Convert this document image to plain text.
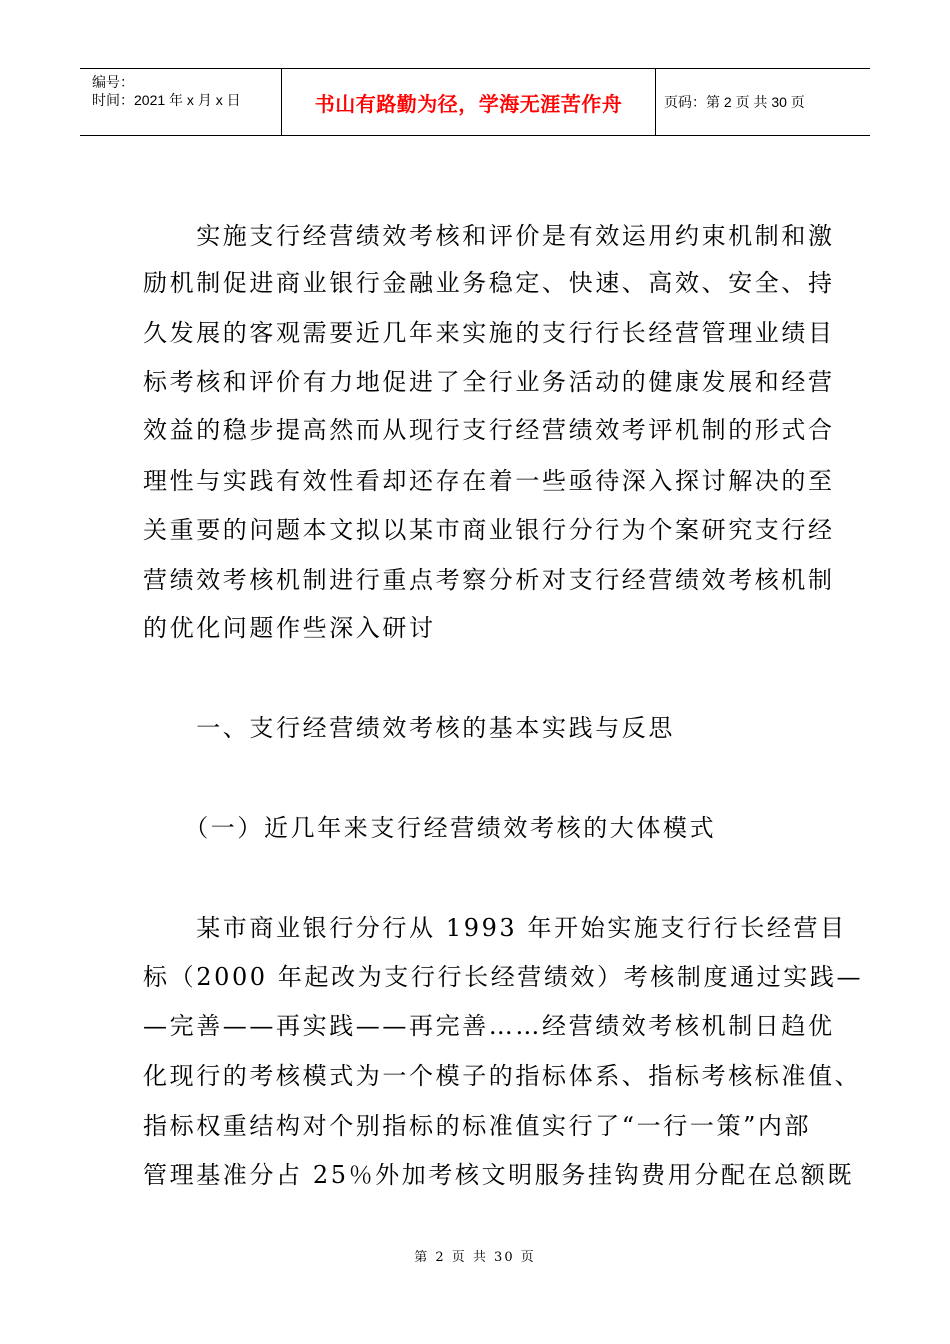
编号：
时间：2021 年 x 月 x 日	书山有路勤为径，学海无涯苦作舟	页码：第 2 页 共 30 页
　　实施支行经营绩效考核和评价是有效运用约束机制和激
励机制促进商业银行金融业务稳定、快速、高效、安全、持
久发展的客观需要近几年来实施的支行行长经营管理业绩目
标考核和评价有力地促进了全行业务活动的健康发展和经营
效益的稳步提高然而从现行支行经营绩效考评机制的形式合
理性与实践有效性看却还存在着一些亟待深入探讨解决的至
关重要的问题本文拟以某市商业银行分行为个案研究支行经
营绩效考核机制进行重点考察分析对支行经营绩效考核机制
的优化问题作些深入研讨
　　一、支行经营绩效考核的基本实践与反思
　　（一）近几年来支行经营绩效考核的大体模式
　　某市商业银行分行从 1993 年开始实施支行行长经营目
标（2000 年起改为支行行长经营绩效）考核制度通过实践—
—完善——再实践——再完善……经营绩效考核机制日趋优
化现行的考核模式为一个模子的指标体系、指标考核标准值、
指标权重结构对个别指标的标准值实行了“一行一策”内部
管理基准分占 25％外加考核文明服务挂钩费用分配在总额既
第 2 页 共 30 页
